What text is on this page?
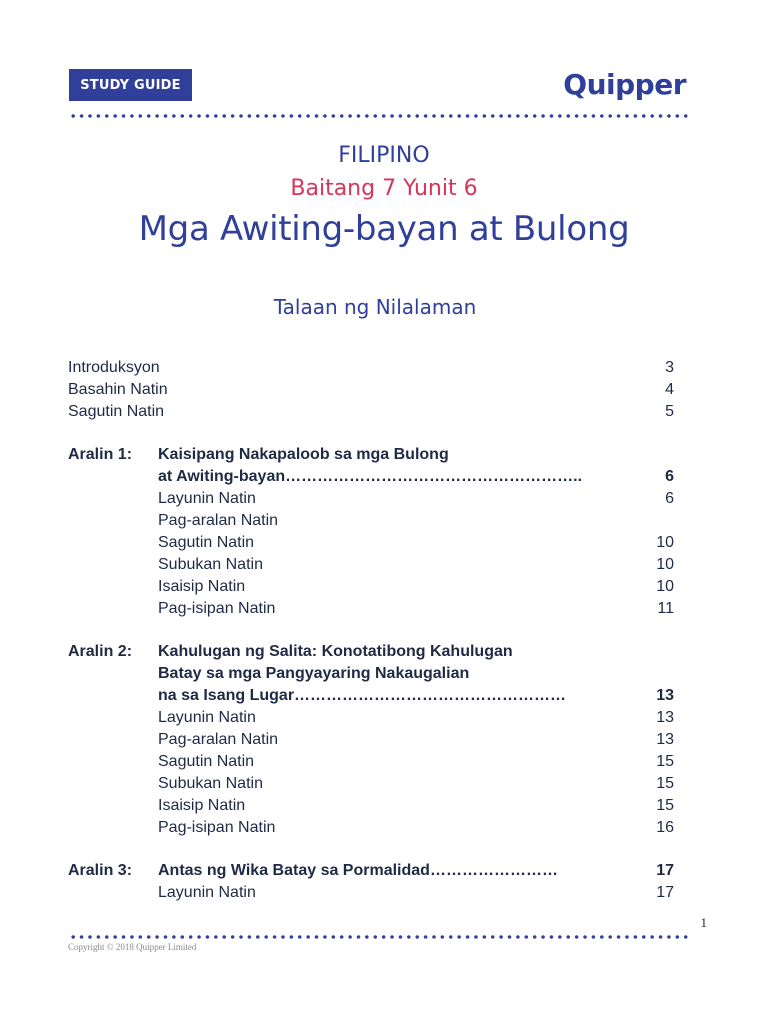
STUDY GUIDE	Quipper
FILIPINO
Baitang 7 Yunit 6
Mga Awiting-bayan at Bulong
Talaan ng Nilalaman
Introduksyon	3
Basahin Natin	4
Sagutin Natin	5
Aralin 1: Kaisipang Nakapaloob sa mga Bulong
at Awiting-bayan………………………………………………..	6
Layunin Natin	6
Pag-aralan Natin
Sagutin Natin	10
Subukan Natin	10
Isaisip Natin	10
Pag-isipan Natin	11
Aralin 2: Kahulugan ng Salita: Konotatibong Kahulugan
Batay sa mga Pangyayaring Nakaugalian
na sa Isang Lugar……………………………………………	13
Layunin Natin	13
Pag-aralan Natin	13
Sagutin Natin	15
Subukan Natin	15
Isaisip Natin	15
Pag-isipan Natin	16
Aralin 3: Antas ng Wika Batay sa Pormalidad……………………	17
Layunin Natin	17
1
Copyright © 2018 Quipper Limited
